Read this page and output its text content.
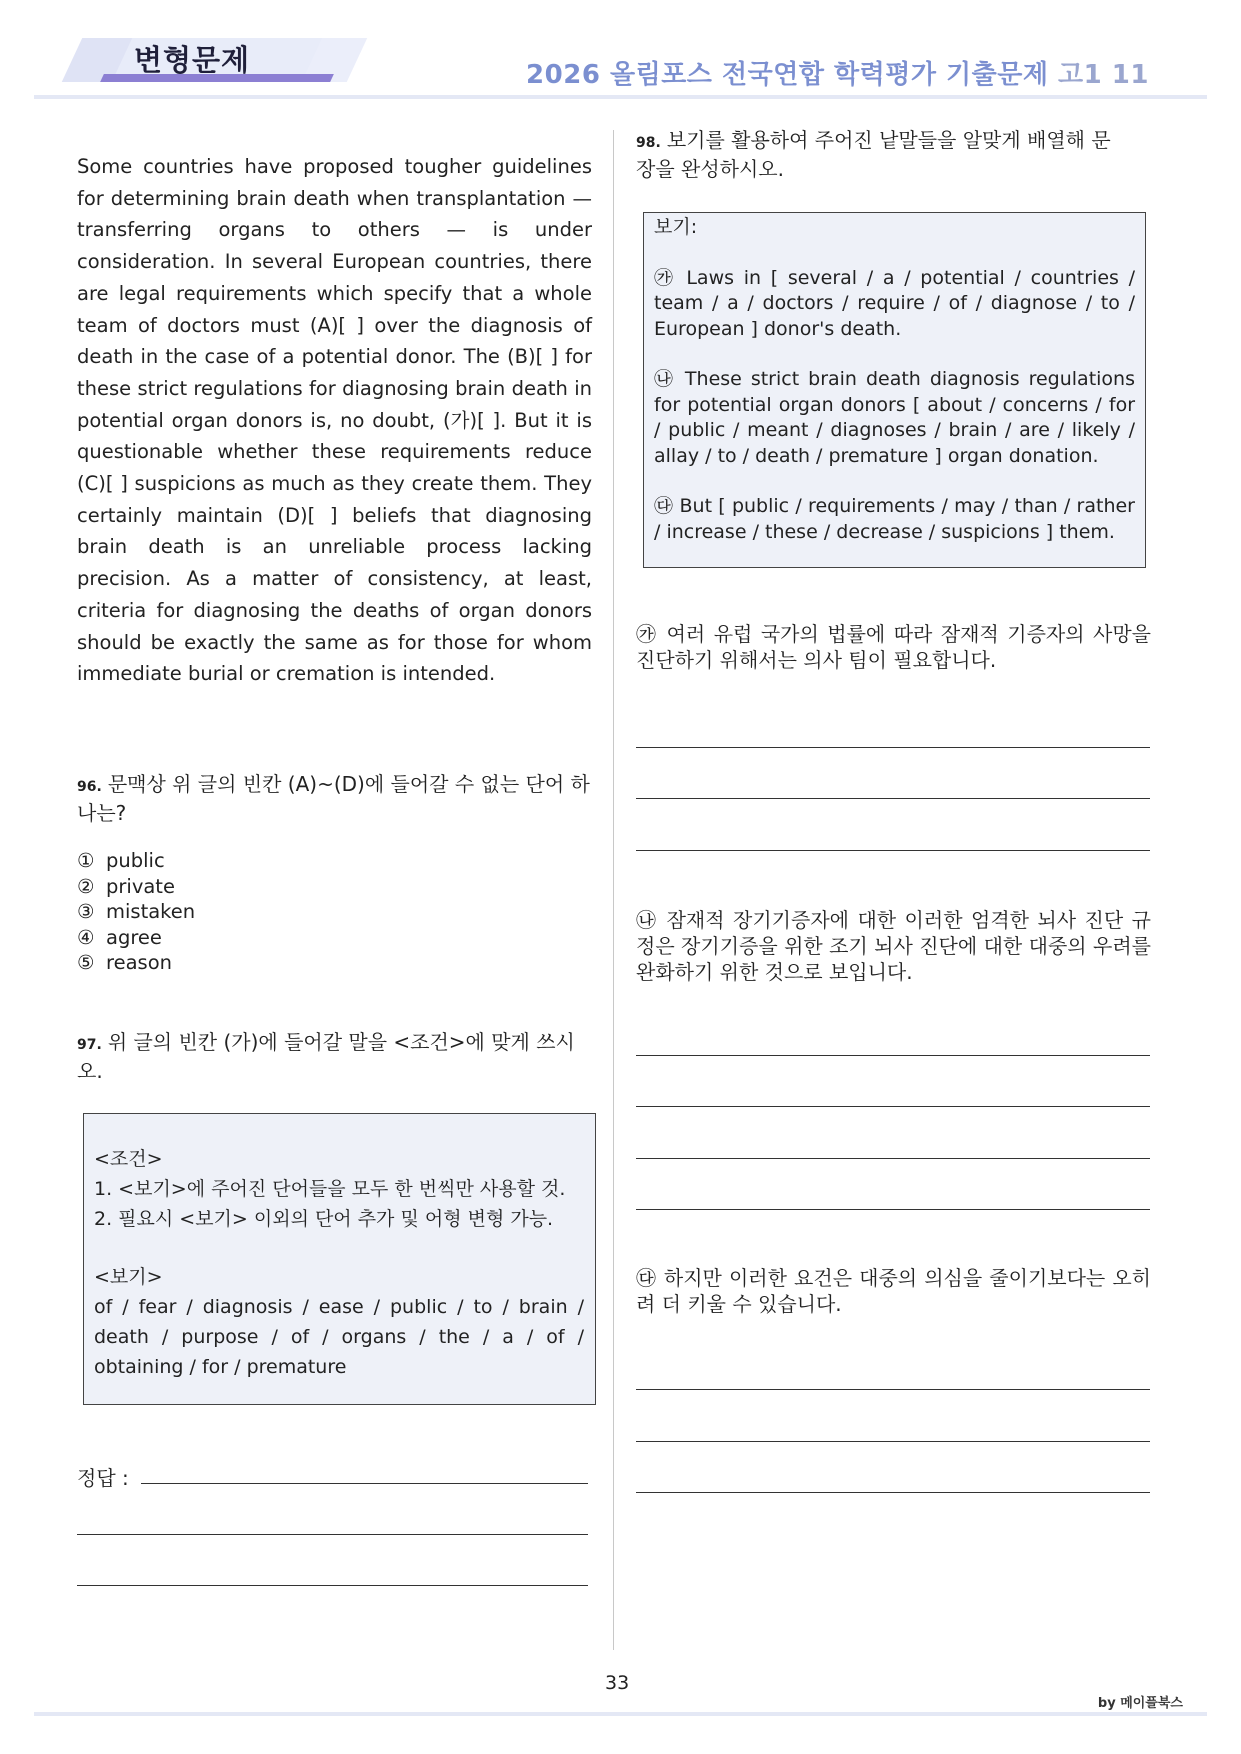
변형문제	2026 올림포스 전국연합 학력평가 기출문제 고1 11
Some countries have proposed tougher guidelines for determining brain death when transplantation — transferring organs to others — is under consideration. In several European countries, there are legal requirements which specify that a whole team of doctors must (A)[ ] over the diagnosis of death in the case of a potential donor. The (B)[ ] for these strict regulations for diagnosing brain death in potential organ donors is, no doubt, (가)[ ]. But it is questionable whether these requirements reduce (C)[ ] suspicions as much as they create them. They certainly maintain (D)[ ] beliefs that diagnosing brain death is an unreliable process lacking precision. As a matter of consistency, at least, criteria for diagnosing the deaths of organ donors should be exactly the same as for those for whom immediate burial or cremation is intended.
96. 문맥상 위 글의 빈칸 (A)~(D)에 들어갈 수 없는 단어 하나는?
① public
② private
③ mistaken
④ agree
⑤ reason
97. 위 글의 빈칸 (가)에 들어갈 말을 <조건>에 맞게 쓰시오.
<조건>
1. <보기>에 주어진 단어들을 모두 한 번씩만 사용할 것.
2. 필요시 <보기> 이외의 단어 추가 및 어형 변형 가능.
<보기>
of / fear / diagnosis / ease / public / to / brain / death / purpose / of / organs / the / a / of / obtaining / for / premature
정답 :
98. 보기를 활용하여 주어진 낱말들을 알맞게 배열해 문장을 완성하시오.
보기:
㉮ Laws in [ several / a / potential / countries / team / a / doctors / require / of / diagnose / to / European ] donor's death.
㉯ These strict brain death diagnosis regulations for potential organ donors [ about / concerns / for / public / meant / diagnoses / brain / are / likely / allay / to / death / premature ] organ donation.
㉰ But [ public / requirements / may / than / rather / increase / these / decrease / suspicions ] them.
㉮ 여러 유럽 국가의 법률에 따라 잠재적 기증자의 사망을 진단하기 위해서는 의사 팀이 필요합니다.
㉯ 잠재적 장기기증자에 대한 이러한 엄격한 뇌사 진단 규정은 장기기증을 위한 조기 뇌사 진단에 대한 대중의 우려를 완화하기 위한 것으로 보입니다.
㉰ 하지만 이러한 요건은 대중의 의심을 줄이기보다는 오히려 더 키울 수 있습니다.
33
by 메이플북스
